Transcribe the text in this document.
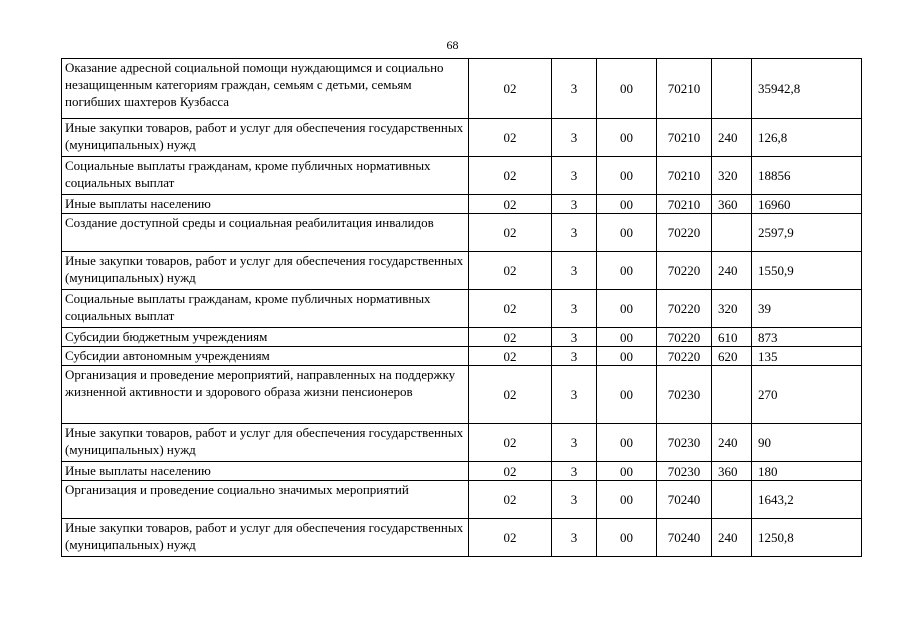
68
Оказание адресной социальной помощи нуждающимся и социально незащищенным категориям граждан, семьям с детьми, семьям погибших шахтеров Кузбасса	02	3	00	70210		35942,8
Иные закупки товаров, работ и услуг для обеспечения государственных (муниципальных) нужд	02	3	00	70210	240	126,8
Социальные выплаты гражданам, кроме публичных нормативных социальных выплат	02	3	00	70210	320	18856
Иные выплаты населению	02	3	00	70210	360	16960
Создание доступной среды и социальная реабилитация инвалидов	02	3	00	70220		2597,9
Иные закупки товаров, работ и услуг для обеспечения государственных (муниципальных) нужд	02	3	00	70220	240	1550,9
Социальные выплаты гражданам, кроме публичных нормативных социальных выплат	02	3	00	70220	320	39
Субсидии бюджетным учреждениям	02	3	00	70220	610	873
Субсидии автономным учреждениям	02	3	00	70220	620	135
Организация и проведение мероприятий, направленных на поддержку жизненной активности и здорового образа жизни пенсионеров	02	3	00	70230		270
Иные закупки товаров, работ и услуг для обеспечения государственных (муниципальных) нужд	02	3	00	70230	240	90
Иные выплаты населению	02	3	00	70230	360	180
Организация и проведение социально значимых мероприятий	02	3	00	70240		1643,2
Иные закупки товаров, работ и услуг для обеспечения государственных (муниципальных) нужд	02	3	00	70240	240	1250,8
